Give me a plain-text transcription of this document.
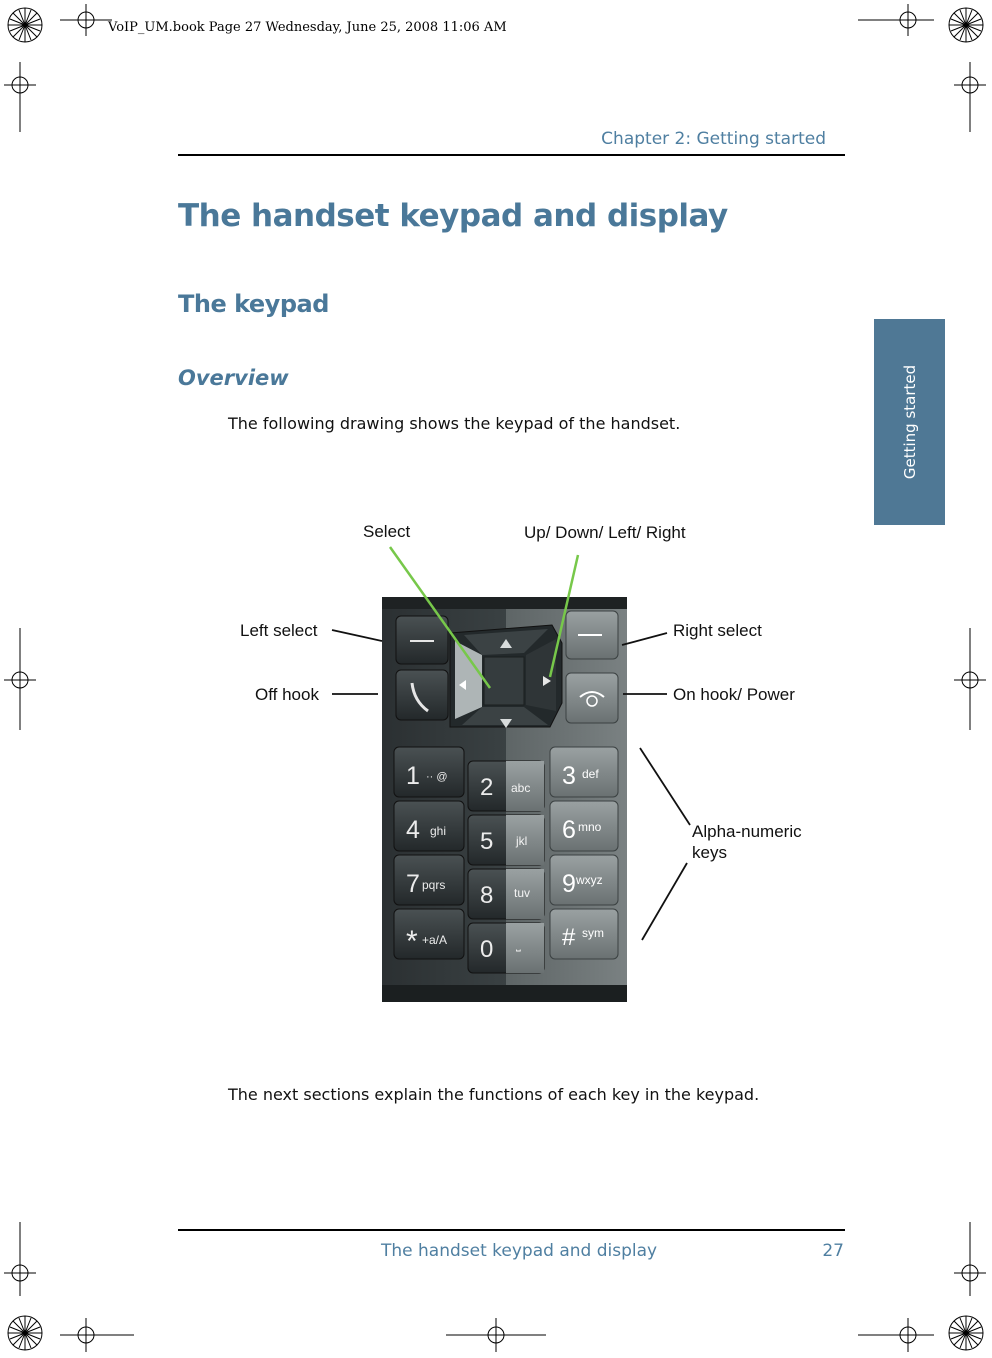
VoIP_UM.book Page 27 Wednesday, June 25, 2008 11:06 AM
Chapter 2: Getting started
Getting started
The handset keypad and display
The keypad
Overview
The following drawing shows the keypad of the handset.
1 ·· @
4 ghi
7 pqrs
* +a/A
2 abc
5 jkl
8 tuv
0 ⎵
3 def
6 mno
9 wxyz
# sym
Select	Up/ Down/ Left/ Right
Left select	Right select
Off hook	On hook/ Power
Alpha-numeric
keys
The next sections explain the functions of each key in the keypad.
The handset keypad and display	27
